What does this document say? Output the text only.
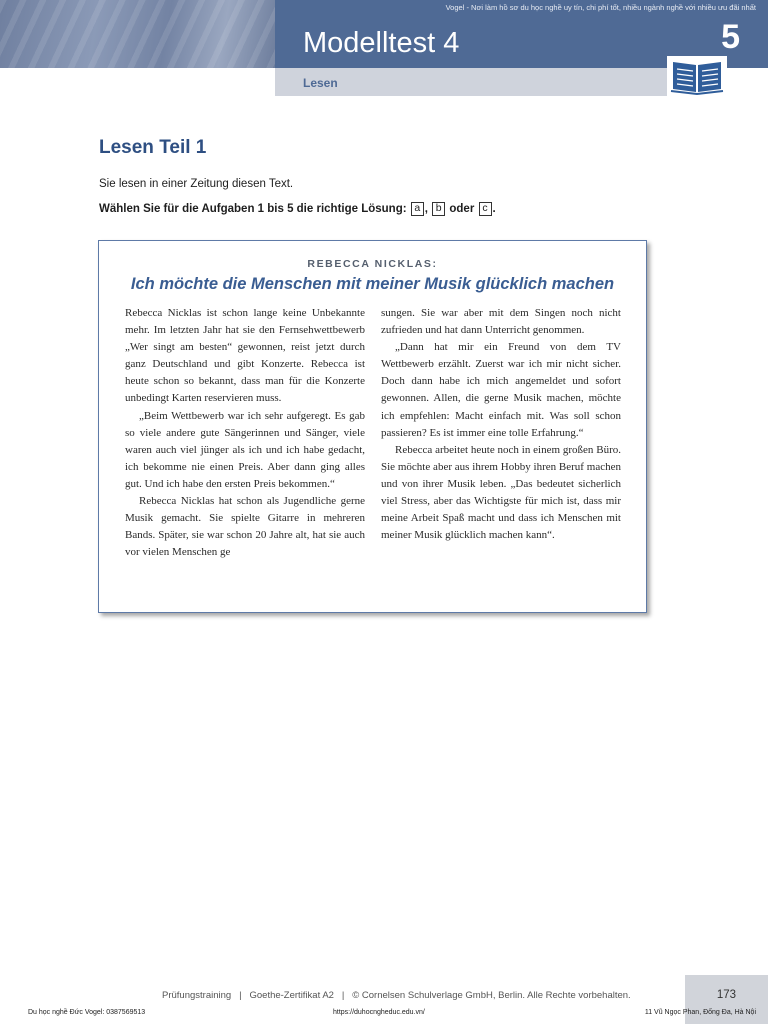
Vogel - Nơi làm hồ sơ du học nghề uy tín, chi phí tốt, nhiều ngành nghề với nhiều ưu đãi nhất
Modelltest 4	5
Lesen
Lesen Teil 1
Sie lesen in einer Zeitung diesen Text.
Wählen Sie für die Aufgaben 1 bis 5 die richtige Lösung: a , b oder c .
REBECCA NICKLAS:
Ich möchte die Menschen mit meiner Musik glücklich machen

Rebecca Nicklas ist schon lange keine Unbekannte mehr. Im letzten Jahr hat sie den Fernsehwettbewerb „Wer singt am besten“ gewonnen, reist jetzt durch ganz Deutschland und gibt Konzerte. Rebecca ist heute schon so bekannt, dass man für die Konzerte unbedingt Karten reservieren muss.

„Beim Wettbewerb war ich sehr aufgeregt. Es gab so viele andere gute Sängerinnen und Sänger, viele waren auch viel jünger als ich und ich habe gedacht, ich bekomme nie einen Preis. Aber dann ging alles gut. Und ich habe den ersten Preis bekommen.“

Rebecca Nicklas hat schon als Jugendliche gerne Musik gemacht. Sie spielte Gitarre in mehreren Bands. Später, sie war schon 20 Jahre alt, hat sie auch vor vielen Menschen ge

sungen. Sie war aber mit dem Singen noch nicht zufrieden und hat dann Unterricht genommen.

„Dann hat mir ein Freund von dem TV Wettbewerb erzählt. Zuerst war ich mir nicht sicher. Doch dann habe ich mich angemeldet und sofort gewonnen. Allen, die gerne Musik machen, möchte ich empfehlen: Macht einfach mit. Was soll schon passieren? Es ist immer eine tolle Erfahrung.“

Rebecca arbeitet heute noch in einem großen Büro. Sie möchte aber aus ihrem Hobby ihren Beruf machen und von ihrer Musik leben. „Das bedeutet sicherlich viel Stress, aber das Wichtigste für mich ist, dass mir meine Arbeit Spaß macht und dass ich Menschen mit meiner Musik glücklich machen kann“.

Prüfungstraining   |   Goethe-Zertifikat A2   |   © Cornelsen Schulverlage GmbH, Berlin. Alle Rechte vorbehalten.	173
Du học nghề Đức Vogel: 0387569513	https://duhocngheduc.edu.vn/	11 Vũ Ngọc Phan, Đống Đa, Hà Nội
